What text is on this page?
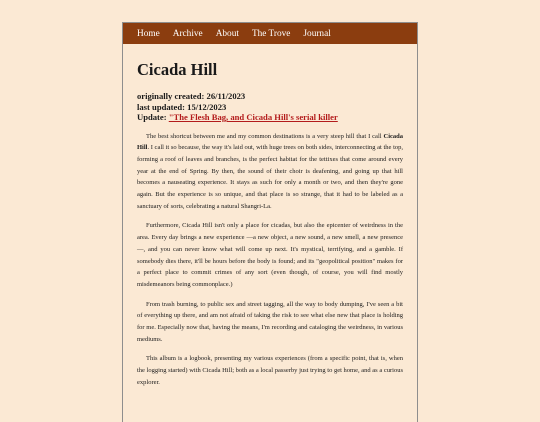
Home Archive About The Trove Journal
Cicada Hill
originally created: 26/11/2023
last updated: 15/12/2023
Update: "The Flesh Bag, and Cicada Hill's serial killer

The best shortcut between me and my common destinations is a very steep hill that I call Cicada Hill. I call it so because, the way it's laid out, with huge trees on both sides, interconnecting at the top, forming a roof of leaves and branches, is the perfect habitat for the tettixes that come around every year at the end of Spring. By then, the sound of their choir is deafening, and going up that hill becomes a nauseating experience. It stays as such for only a month or two, and then they're gone again. But the experience is so unique, and that place is so strange, that it had to be labeled as a sanctuary of sorts, celebrating a natural Shangri-La.

Furthermore, Cicada Hill isn't only a place for cicadas, but also the epicenter of weirdness in the area. Every day brings a new experience —a new object, a new sound, a new smell, a new presence—, and you can never know what will come up next. It's mystical, terrifying, and a gamble. If somebody dies there, it'll be hours before the body is found; and its "geopolitical position" makes for a perfect place to commit crimes of any sort (even though, of course, you will find mostly misdemeanors being commonplace.)

From trash burning, to public sex and street tagging, all the way to body dumping, I've seen a bit of everything up there, and am not afraid of taking the risk to see what else new that place is holding for me. Especially now that, having the means, I'm recording and cataloging the weirdness, in various mediums.

This album is a logbook, presenting my various experiences (from a specific point, that is, when the logging started) with Cicada Hill; both as a local passerby just trying to get home, and as a curious explorer.
